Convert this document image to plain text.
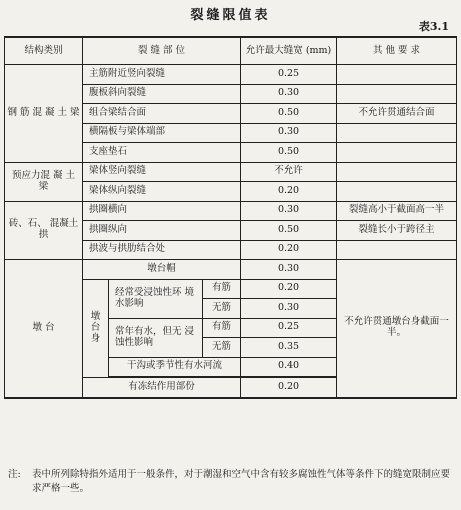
裂缝限值表
表3.1
结构类别	裂 缝 部 位			允许最大缝宽 (mm)	其 他 要 求
钢 筋 混 凝 土 梁	主筋附近竖向裂缝			0.25	
	腹板斜向裂缝			0.30	
	组合梁结合面			0.50	不允许贯通结合面
	横隔板与梁体端部			0.30	
	支座垫石			0.50	
预应力混 凝 土 梁	梁体竖向裂缝			不允许	
	梁体纵向裂缝			0.20	
砖、石、 混凝土拱	拱圈横向			0.30	裂缝高小于截面高一半
	拱圈纵向			0.50	裂缝长小于跨径主
	拱波与拱肋结合处			0.20	
墩 台	墩台帽			0.30	不允许贯通墩台身截面一半。
	墩 台 身	经常受浸蚀性环 境水影响	有筋	0.20	
			无筋	0.30	
		常年有水，但无 浸蚀性影响	有筋	0.25	
			无筋	0.35	
		干沟或季节性有水河流		0.40	

	有冻结作用部份			0.20	
注: 表中所列除特指外适用于一般条件，对于潮湿和空气中含有较多腐蚀性气体等条件下的缝宽限制应要求严格一些。
